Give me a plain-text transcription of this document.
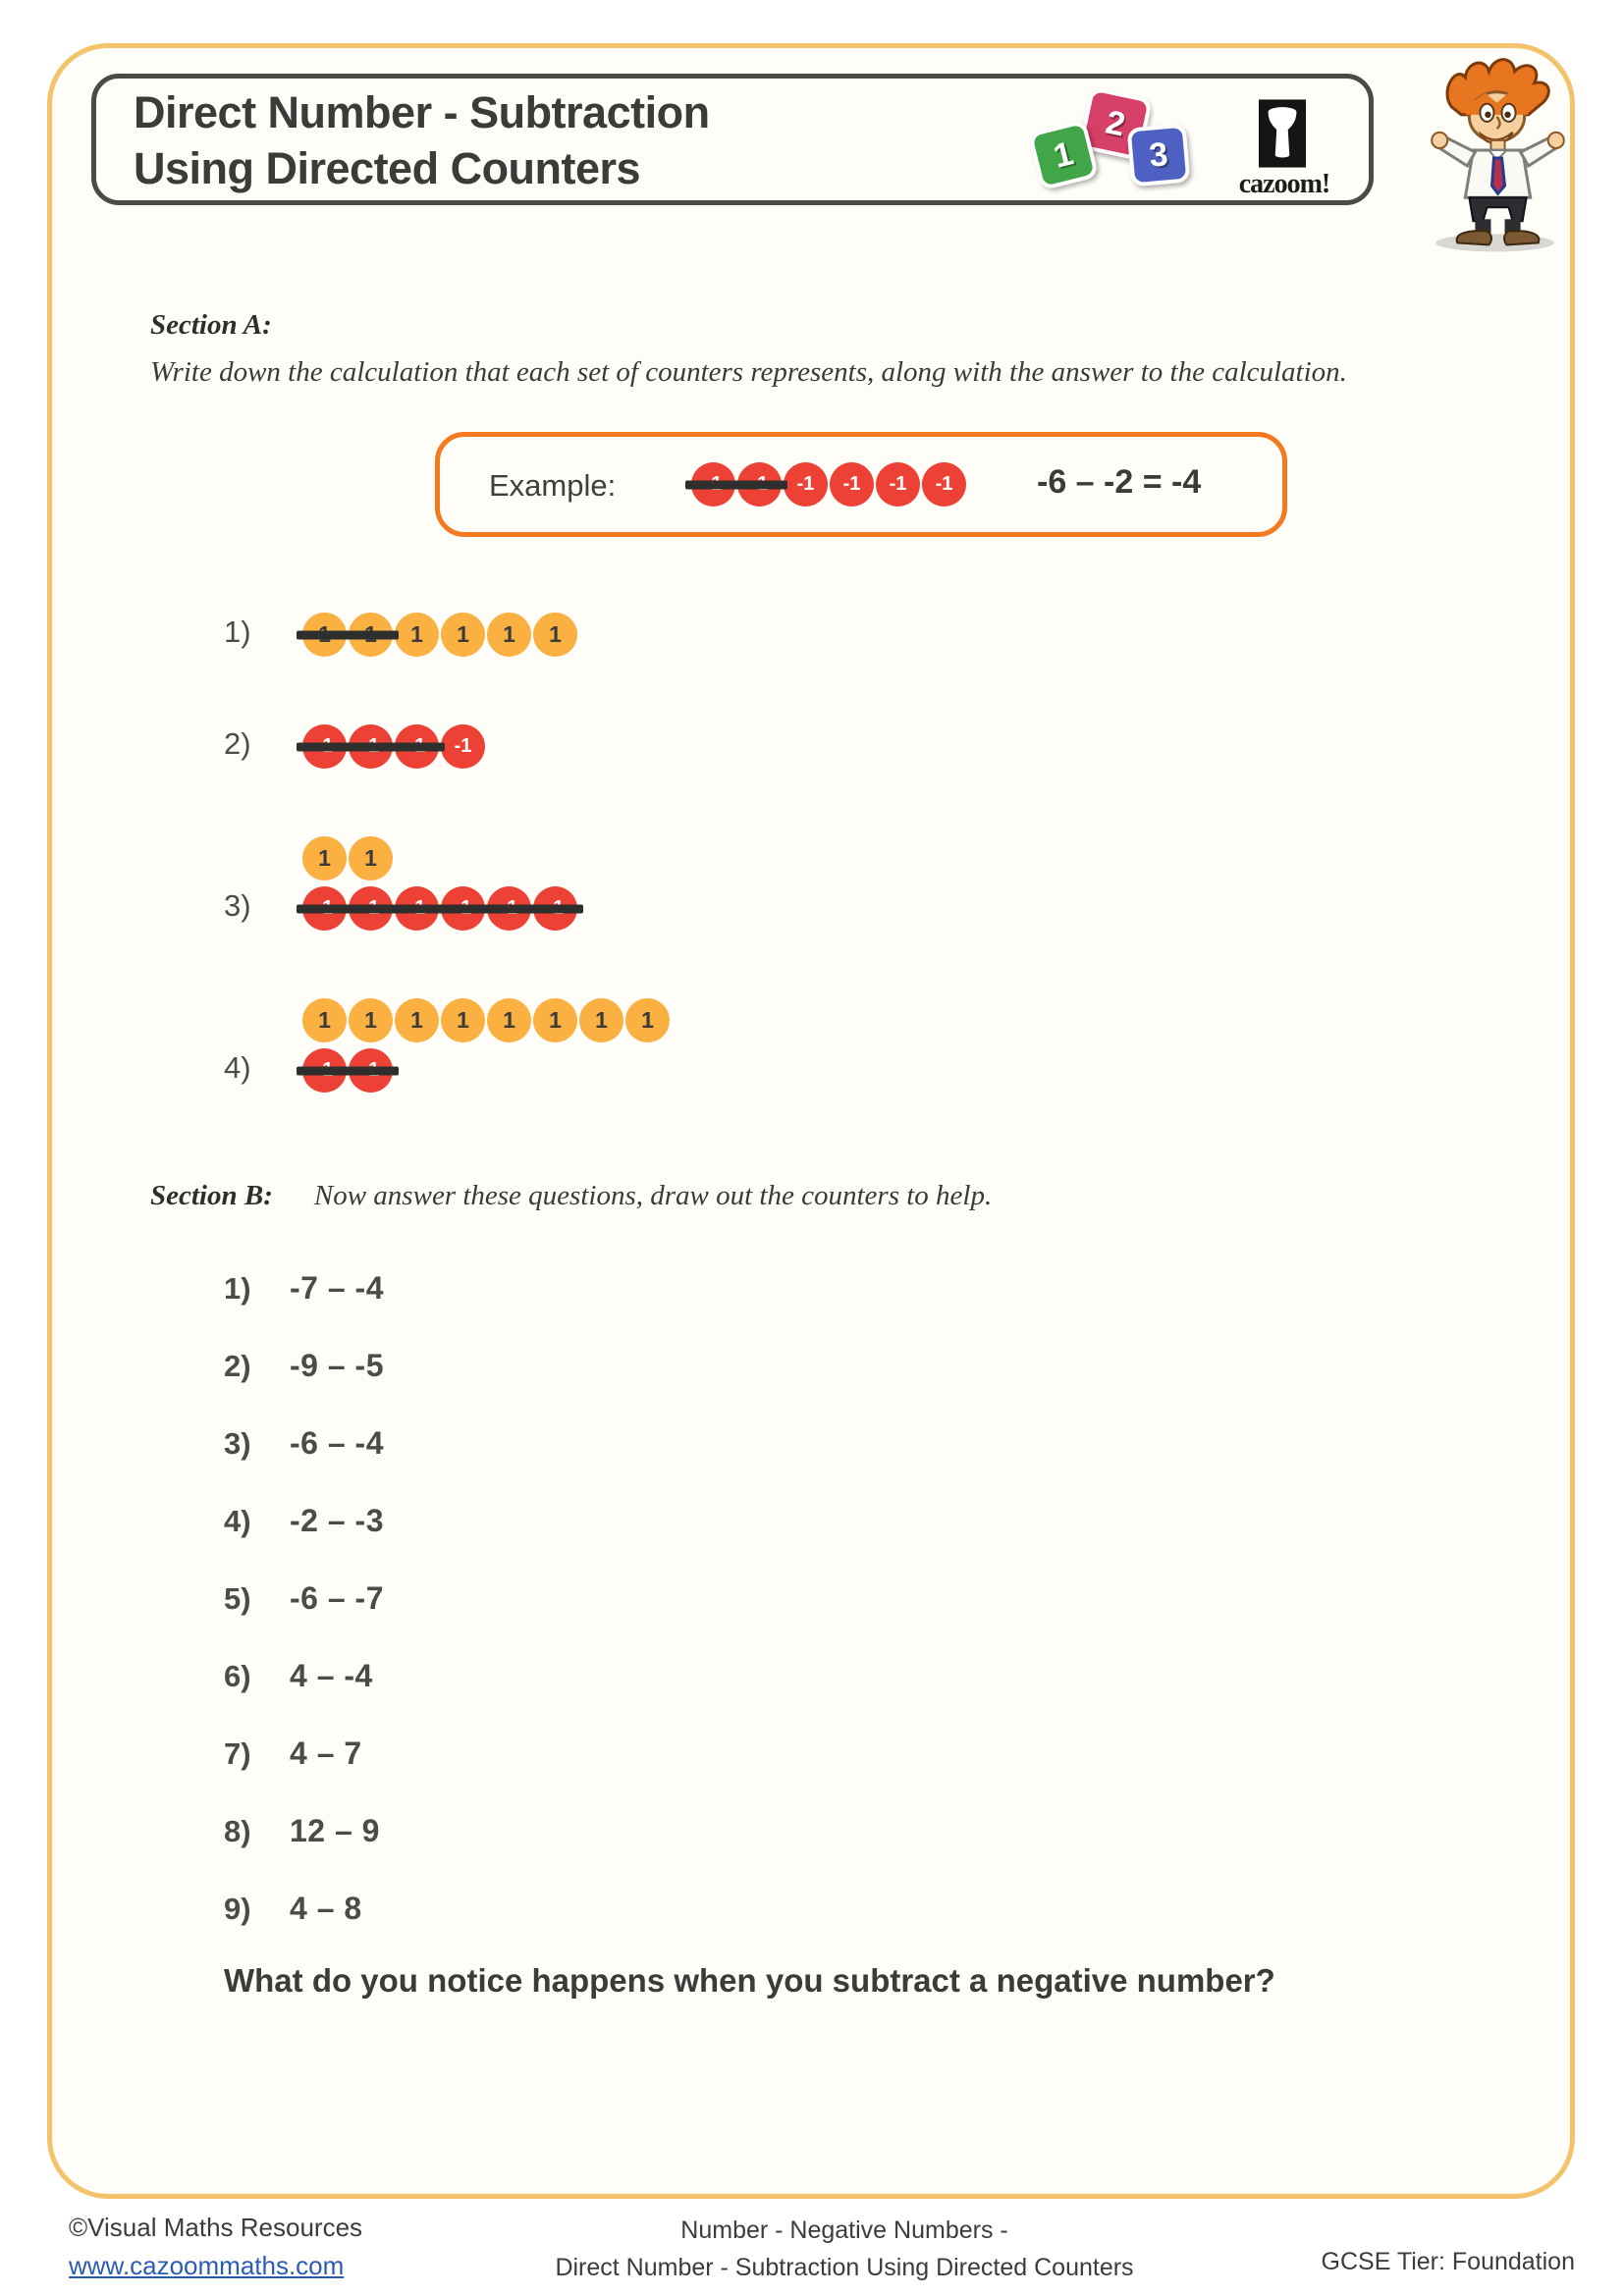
Direct Number - Subtraction
Using Directed Counters
2
1 3
cazoom!
Section A:
Write down the calculation that each set of counters represents, along with the answer to the calculation.
Example:	-1	-1	-1	-1	-6 – -2 = -4
1)	1	1	1	1
2)	-1
3)
1	1
4)
1	1	1	1	1	1	1	1
Section B: Now answer these questions, draw out the counters to help.
1)	-7 – -4
2)	-9 – -5
3)	-6 – -4
4)	-2 – -3
5)	-6 – -7
6)	4 – -4
7)	4 – 7
8)	12 – 9
9)	4 – 8
What do you notice happens when you subtract a negative number?
©Visual Maths Resources
www.cazoommaths.com
Number - Negative Numbers -
Direct Number - Subtraction Using Directed Counters	GCSE Tier: Foundation
